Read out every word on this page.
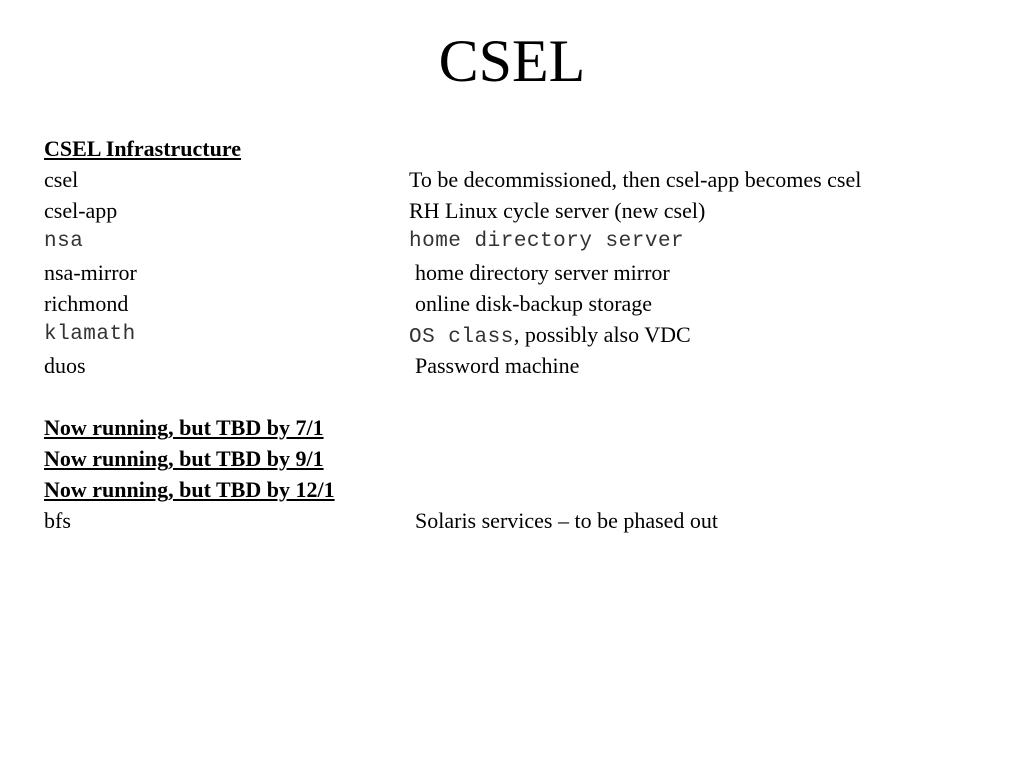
CSEL
CSEL Infrastructure
csel	To be decommissioned, then csel-app becomes csel
csel-app	RH Linux cycle server (new csel)
nsa	home directory server
nsa-mirror	home directory server mirror
richmond	online disk-backup storage
klamath	OS class, possibly also VDC
duos	Password machine
Now running, but TBD by 7/1
Now running, but TBD by 9/1
Now running, but TBD by 12/1
bfs	Solaris services – to be phased out
